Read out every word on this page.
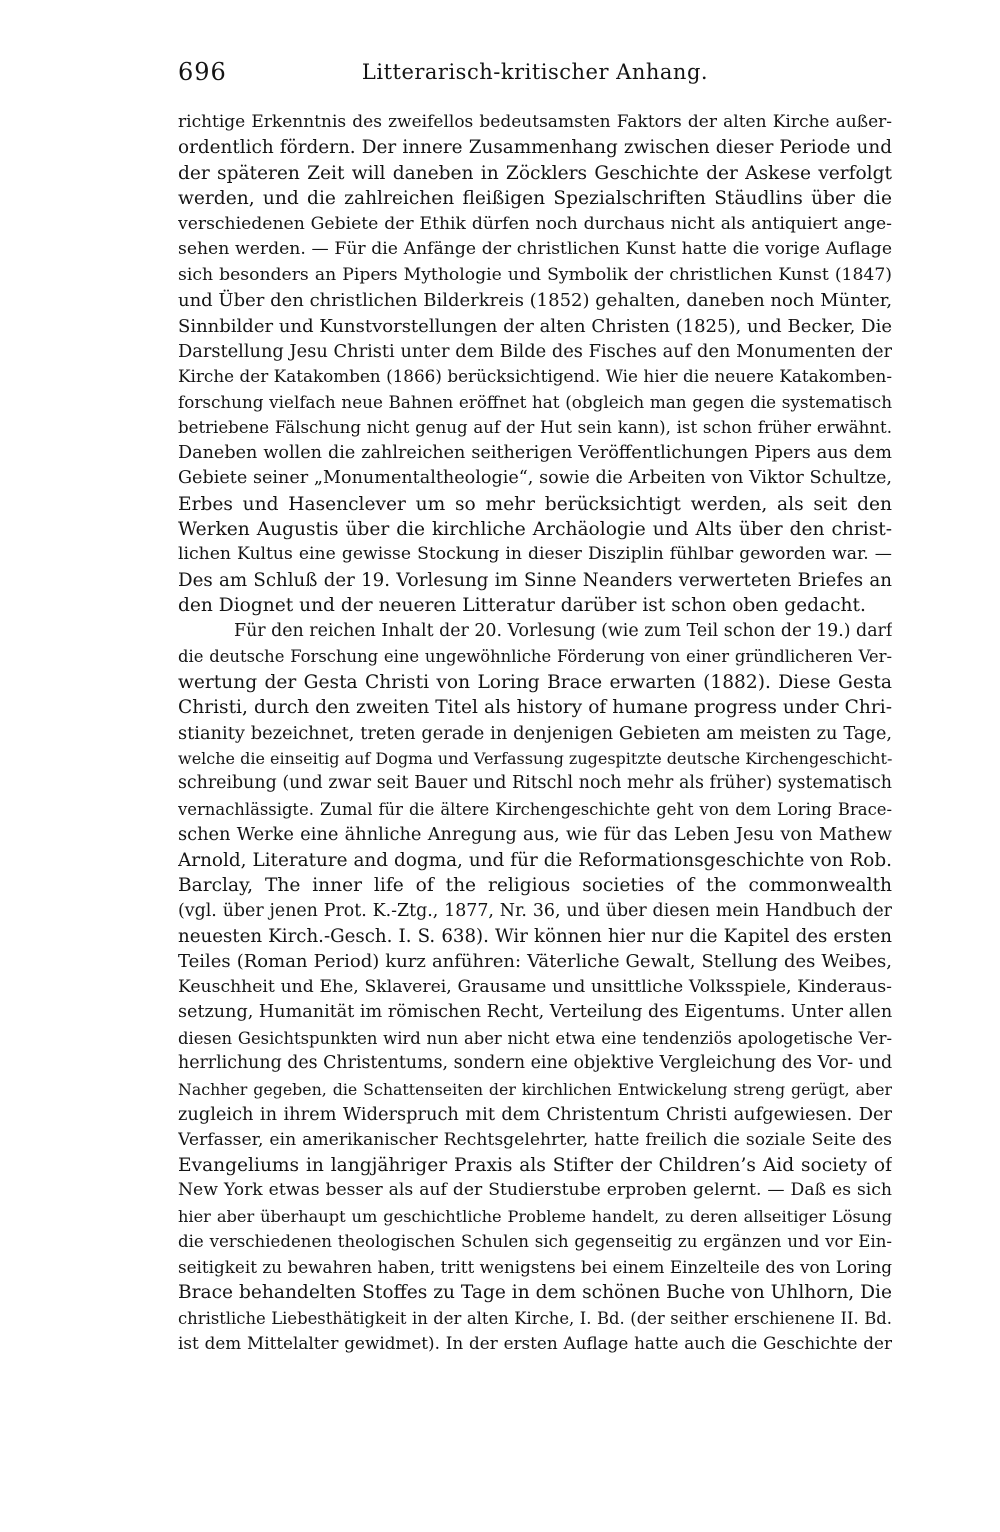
696	Litterarisch-kritischer Anhang.
richtige Erkenntnis des zweifellos bedeutsamsten Faktors der alten Kirche außer-
ordentlich fördern. Der innere Zusammenhang zwischen dieser Periode und
der späteren Zeit will daneben in Zöcklers Geschichte der Askese verfolgt
werden, und die zahlreichen fleißigen Spezialschriften Stäudlins über die
verschiedenen Gebiete der Ethik dürfen noch durchaus nicht als antiquiert ange-
sehen werden. — Für die Anfänge der christlichen Kunst hatte die vorige Auflage
sich besonders an Pipers Mythologie und Symbolik der christlichen Kunst (1847)
und Über den christlichen Bilderkreis (1852) gehalten, daneben noch Münter,
Sinnbilder und Kunstvorstellungen der alten Christen (1825), und Becker, Die
Darstellung Jesu Christi unter dem Bilde des Fisches auf den Monumenten der
Kirche der Katakomben (1866) berücksichtigend. Wie hier die neuere Katakomben-
forschung vielfach neue Bahnen eröffnet hat (obgleich man gegen die systematisch
betriebene Fälschung nicht genug auf der Hut sein kann), ist schon früher erwähnt.
Daneben wollen die zahlreichen seitherigen Veröffentlichungen Pipers aus dem
Gebiete seiner „Monumentaltheologie“, sowie die Arbeiten von Viktor Schultze,
Erbes und Hasenclever um so mehr berücksichtigt werden, als seit den
Werken Augustis über die kirchliche Archäologie und Alts über den christ-
lichen Kultus eine gewisse Stockung in dieser Disziplin fühlbar geworden war. —
Des am Schluß der 19. Vorlesung im Sinne Neanders verwerteten Briefes an
den Diognet und der neueren Litteratur darüber ist schon oben gedacht.
Für den reichen Inhalt der 20. Vorlesung (wie zum Teil schon der 19.) darf
die deutsche Forschung eine ungewöhnliche Förderung von einer gründlicheren Ver-
wertung der Gesta Christi von Loring Brace erwarten (1882). Diese Gesta
Christi, durch den zweiten Titel als history of humane progress under Chri-
stianity bezeichnet, treten gerade in denjenigen Gebieten am meisten zu Tage,
welche die einseitig auf Dogma und Verfassung zugespitzte deutsche Kirchengeschicht-
schreibung (und zwar seit Bauer und Ritschl noch mehr als früher) systematisch
vernachlässigte. Zumal für die ältere Kirchengeschichte geht von dem Loring Brace-
schen Werke eine ähnliche Anregung aus, wie für das Leben Jesu von Mathew
Arnold, Literature and dogma, und für die Reformationsgeschichte von Rob.
Barclay, The inner life of the religious societies of the commonwealth
(vgl. über jenen Prot. K.-Ztg., 1877, Nr. 36, und über diesen mein Handbuch der
neuesten Kirch.-Gesch. I. S. 638). Wir können hier nur die Kapitel des ersten
Teiles (Roman Period) kurz anführen: Väterliche Gewalt, Stellung des Weibes,
Keuschheit und Ehe, Sklaverei, Grausame und unsittliche Volksspiele, Kinderaus-
setzung, Humanität im römischen Recht, Verteilung des Eigentums. Unter allen
diesen Gesichtspunkten wird nun aber nicht etwa eine tendenziös apologetische Ver-
herrlichung des Christentums, sondern eine objektive Vergleichung des Vor- und
Nachher gegeben, die Schattenseiten der kirchlichen Entwickelung streng gerügt, aber
zugleich in ihrem Widerspruch mit dem Christentum Christi aufgewiesen. Der
Verfasser, ein amerikanischer Rechtsgelehrter, hatte freilich die soziale Seite des
Evangeliums in langjähriger Praxis als Stifter der Children’s Aid society of
New York etwas besser als auf der Studierstube erproben gelernt. — Daß es sich
hier aber überhaupt um geschichtliche Probleme handelt, zu deren allseitiger Lösung
die verschiedenen theologischen Schulen sich gegenseitig zu ergänzen und vor Ein-
seitigkeit zu bewahren haben, tritt wenigstens bei einem Einzelteile des von Loring
Brace behandelten Stoffes zu Tage in dem schönen Buche von Uhlhorn, Die
christliche Liebesthätigkeit in der alten Kirche, I. Bd. (der seither erschienene II. Bd.
ist dem Mittelalter gewidmet). In der ersten Auflage hatte auch die Geschichte der
